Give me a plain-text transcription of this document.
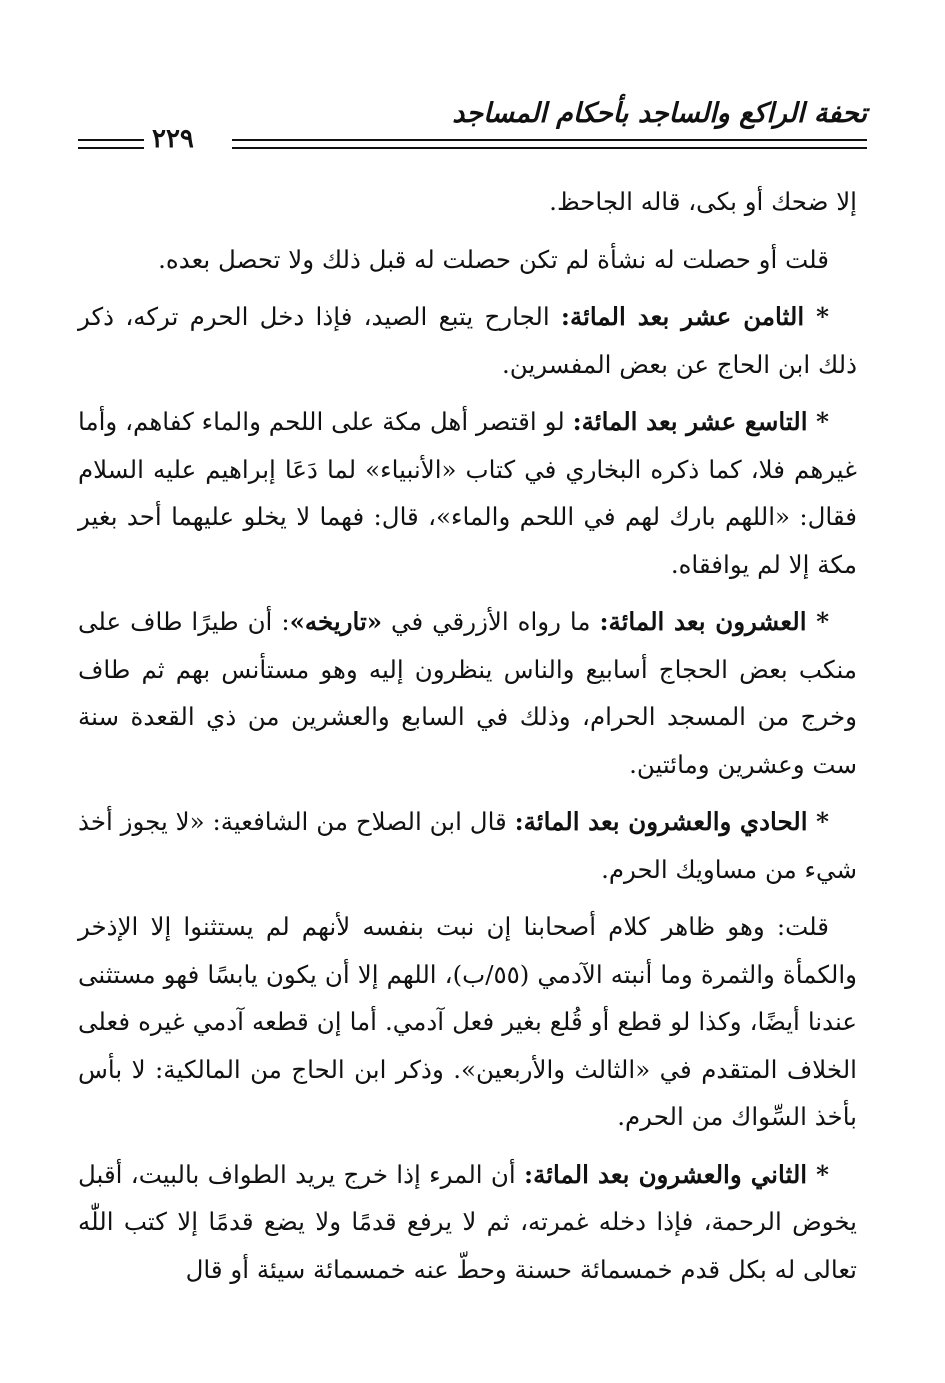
تحفة الراكع والساجد بأحكام المساجد
٢٢٩

إلا ضحك أو بكى، قاله الجاحظ.

قلت أو حصلت له نشأة لم تكن حصلت له قبل ذلك ولا تحصل بعده.

* الثامن عشر بعد المائة: الجارح يتبع الصيد، فإذا دخل الحرم تركه، ذكر ذلك ابن الحاج عن بعض المفسرين.

* التاسع عشر بعد المائة: لو اقتصر أهل مكة على اللحم والماء كفاهم، وأما غيرهم فلا، كما ذكره البخاري في كتاب «الأنبياء» لما دَعَا إبراهيم عليه السلام فقال: «اللهم بارك لهم في اللحم والماء»، قال: فهما لا يخلو عليهما أحد بغير مكة إلا لم يوافقاه.

* العشرون بعد المائة: ما رواه الأزرقي في «تاريخه»: أن طيرًا طاف على منكب بعض الحجاج أسابيع والناس ينظرون إليه وهو مستأنس بهم ثم طاف وخرج من المسجد الحرام، وذلك في السابع والعشرين من ذي القعدة سنة ست وعشرين ومائتين.

* الحادي والعشرون بعد المائة: قال ابن الصلاح من الشافعية: «لا يجوز أخذ شيء من مساويك الحرم.

قلت: وهو ظاهر كلام أصحابنا إن نبت بنفسه لأنهم لم يستثنوا إلا الإذخر والكمأة والثمرة وما أنبته الآدمي (٥٥/ب)، اللهم إلا أن يكون يابسًا فهو مستثنى عندنا أيضًا، وكذا لو قطع أو قُلع بغير فعل آدمي. أما إن قطعه آدمي غيره فعلى الخلاف المتقدم في «الثالث والأربعين». وذكر ابن الحاج من المالكية: لا بأس بأخذ السِّواك من الحرم.

* الثاني والعشرون بعد المائة: أن المرء إذا خرج يريد الطواف بالبيت، أقبل يخوض الرحمة، فإذا دخله غمرته، ثم لا يرفع قدمًا ولا يضع قدمًا إلا كتب اللّٰه تعالى له بكل قدم خمسمائة حسنة وحطّ عنه خمسمائة سيئة أو قال
